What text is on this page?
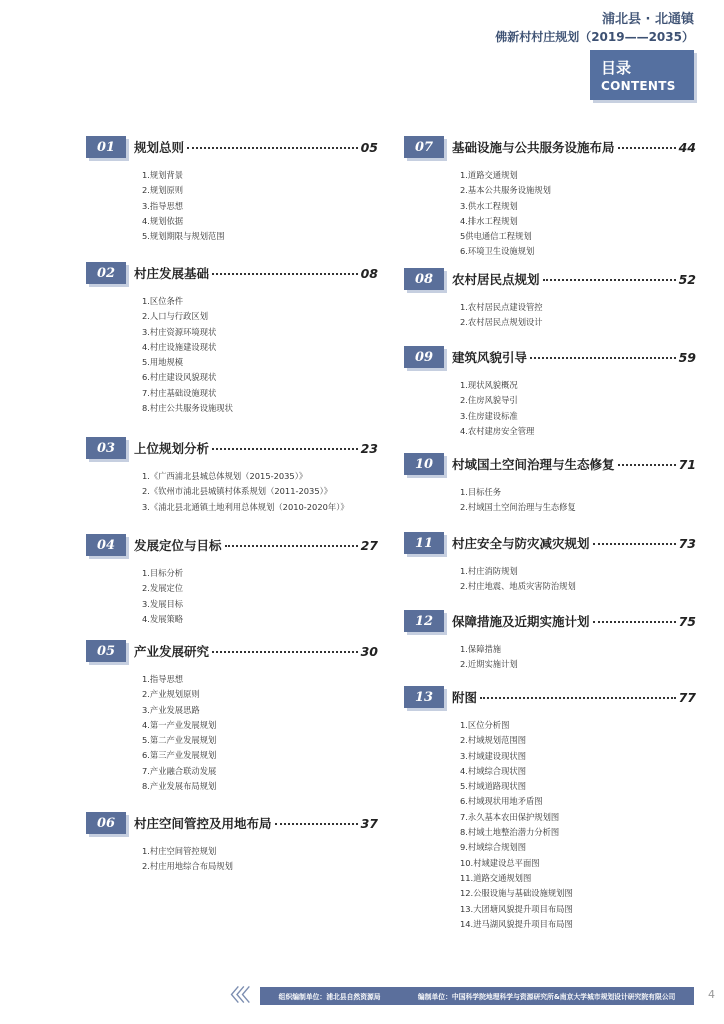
浦北县 · 北通镇
佛新村村庄规划（2019——2035）
目录
CONTENTS
01	规划总则	05
1.规划背景
2.规划原则
3.指导思想
4.规划依据
5.规划期限与规划范围
02	村庄发展基础	08
1.区位条件
2.人口与行政区划
3.村庄资源环境现状
4.村庄设施建设现状
5.用地规模
6.村庄建设风貌现状
7.村庄基础设施现状
8.村庄公共服务设施现状
03	上位规划分析	23
1.《广西浦北县城总体规划（2015-2035）》
2.《钦州市浦北县城镇村体系规划（2011-2035）》
3.《浦北县北通镇土地利用总体规划（2010-2020年）》
04	发展定位与目标	27
1.目标分析
2.发展定位
3.发展目标
4.发展策略
05	产业发展研究	30
1.指导思想
2.产业规划原则
3.产业发展思路
4.第一产业发展规划
5.第二产业发展规划
6.第三产业发展规划
7.产业融合联动发展
8.产业发展布局规划
06	村庄空间管控及用地布局	37
1.村庄空间管控规划
2.村庄用地综合布局规划
07	基础设施与公共服务设施布局	44
1.道路交通规划
2.基本公共服务设施规划
3.供水工程规划
4.排水工程规划
5供电通信工程规划
6.环境卫生设施规划
08	农村居民点规划	52
1.农村居民点建设管控
2.农村居民点规划设计
09	建筑风貌引导	59
1.现状风貌概况
2.住房风貌导引
3.住房建设标准
4.农村建房安全管理
10	村域国土空间治理与生态修复	71
1.目标任务
2.村域国土空间治理与生态修复
11	村庄安全与防灾减灾规划	73
1.村庄消防规划
2.村庄地震、地质灾害防治规划
12	保障措施及近期实施计划	75
1.保障措施
2.近期实施计划
13	附图	77
1.区位分析图
2.村域规划范围图
3.村域建设现状图
4.村域综合现状图
5.村域道路现状图
6.村域现状用地矛盾图
7.永久基本农田保护规划图
8.村域土地整治潜力分析图
9.村域综合规划图
10.村域建设总平面图
11.道路交通规划图
12.公服设施与基础设施规划图
13.大团塘风貌提升项目布局图
14.进马湖风貌提升项目布局图
〈〈〈	组织编制单位：浦北县自然资源局	编制单位：中国科学院地理科学与资源研究所&南京大学城市规划设计研究院有限公司	4
